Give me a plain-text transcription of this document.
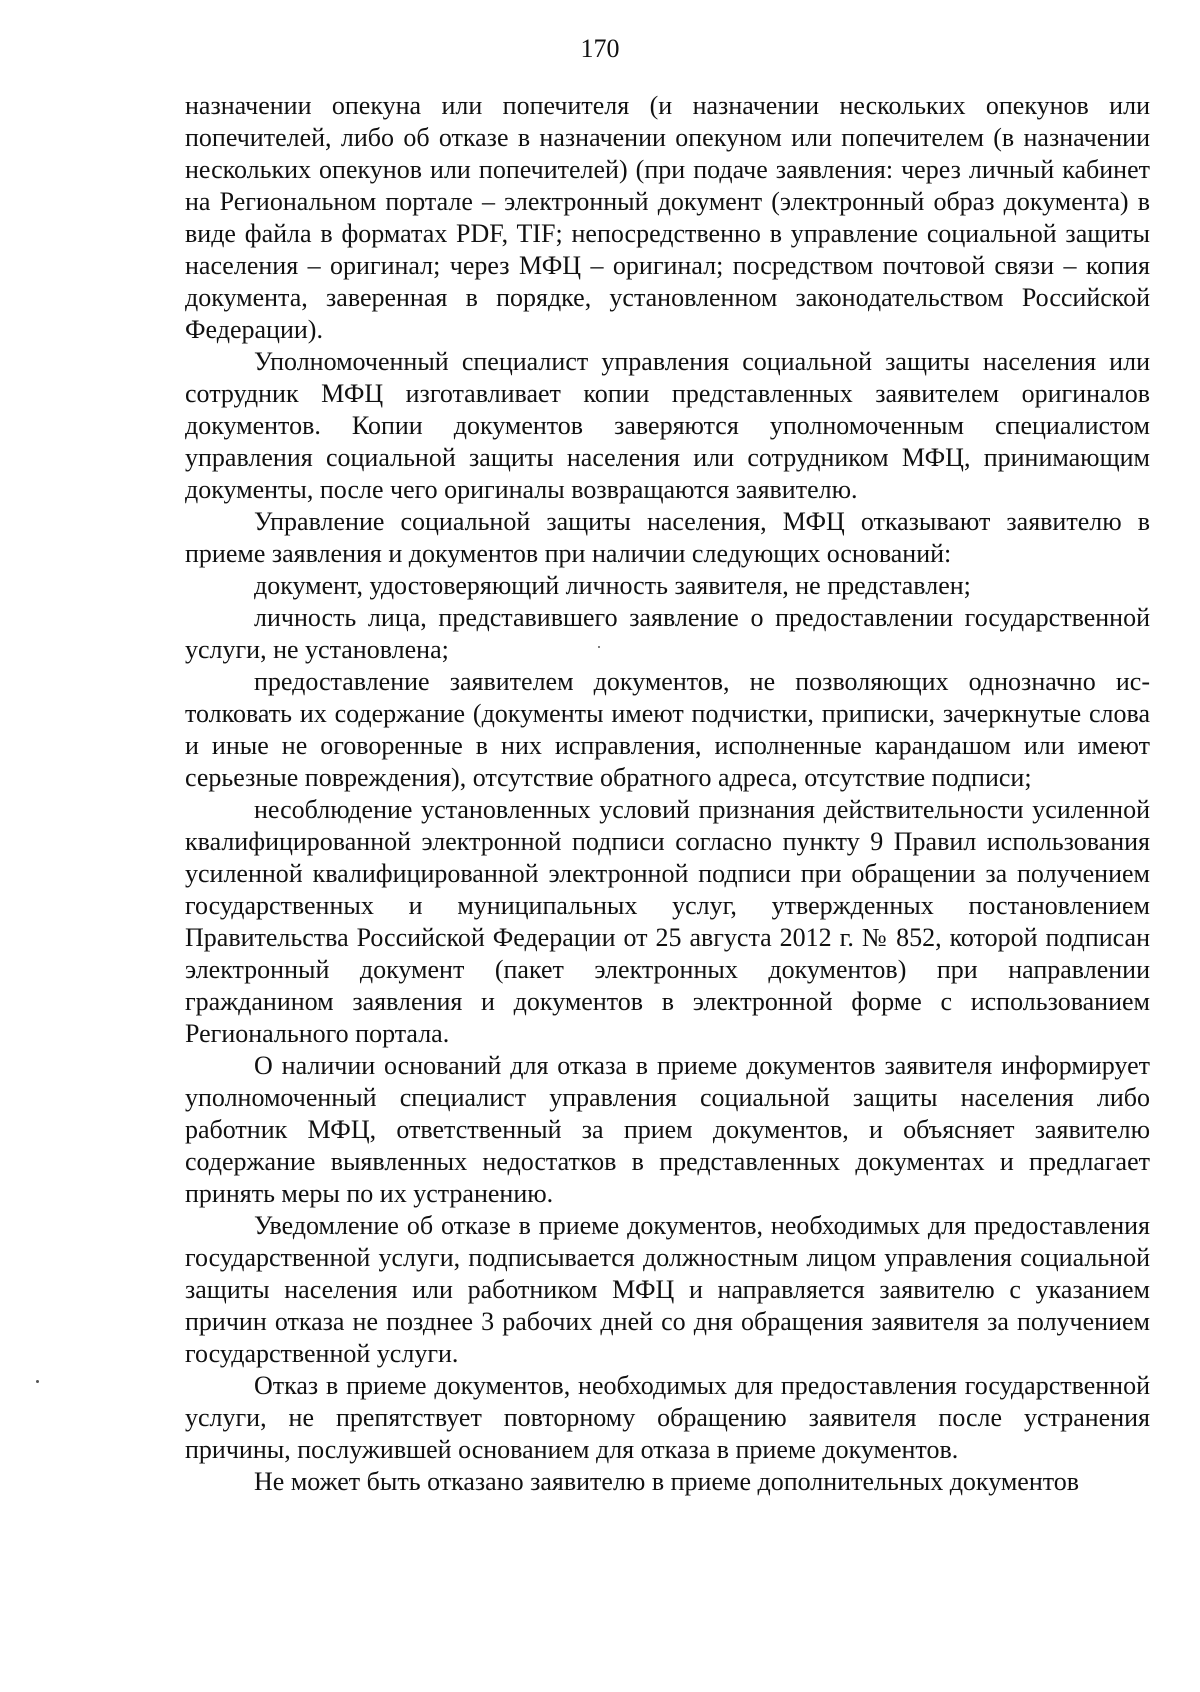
170

назначении опекуна или попечителя (и назначении нескольких опекунов или попечителей, либо об отказе в назначении опекуном или попечителем (в назначении нескольких опекунов или попечителей) (при подаче заявления: через личный кабинет на Региональном портале – электронный документ (электронный образ документа) в виде файла в форматах PDF, TIF; непосредственно в управление социальной защиты населения – оригинал; через МФЦ – оригинал; посредством почтовой связи – копия документа, заверенная в порядке, установленном законодательством Российской Федерации).

Уполномоченный специалист управления социальной защиты населения или сотрудник МФЦ изготавливает копии представленных заявителем оригиналов документов. Копии документов заверяются уполномоченным специалистом управления социальной защиты населения или сотрудником МФЦ, принимающим документы, после чего оригиналы возвращаются заявителю.

Управление социальной защиты населения, МФЦ отказывают заявителю в приеме заявления и документов при наличии следующих оснований:

документ, удостоверяющий личность заявителя, не представлен;

личность лица, представившего заявление о предоставлении государственной услуги, не установлена;

предоставление заявителем документов, не позволяющих однозначно истолковать их содержание (документы имеют подчистки, приписки, зачеркнутые слова и иные не оговоренные в них исправления, исполненные карандашом или имеют серьезные повреждения), отсутствие обратного адреса, отсутствие подписи;

несоблюдение установленных условий признания действительности усиленной квалифицированной электронной подписи согласно пункту 9 Правил использования усиленной квалифицированной электронной подписи при обращении за получением государственных и муниципальных услуг, утвержденных постановлением Правительства Российской Федерации от 25 августа 2012 г. № 852, которой подписан электронный документ (пакет электронных документов) при направлении гражданином заявления и документов в электронной форме с использованием Регионального портала.

О наличии оснований для отказа в приеме документов заявителя информирует уполномоченный специалист управления социальной защиты населения либо работник МФЦ, ответственный за прием документов, и объясняет заявителю содержание выявленных недостатков в представленных документах и предлагает принять меры по их устранению.

Уведомление об отказе в приеме документов, необходимых для предоставления государственной услуги, подписывается должностным лицом управления социальной защиты населения или работником МФЦ и направляется заявителю с указанием причин отказа не позднее 3 рабочих дней со дня обращения заявителя за получением государственной услуги.

Отказ в приеме документов, необходимых для предоставления государственной услуги, не препятствует повторному обращению заявителя после устранения причины, послужившей основанием для отказа в приеме документов.

Не может быть отказано заявителю в приеме дополнительных документов
